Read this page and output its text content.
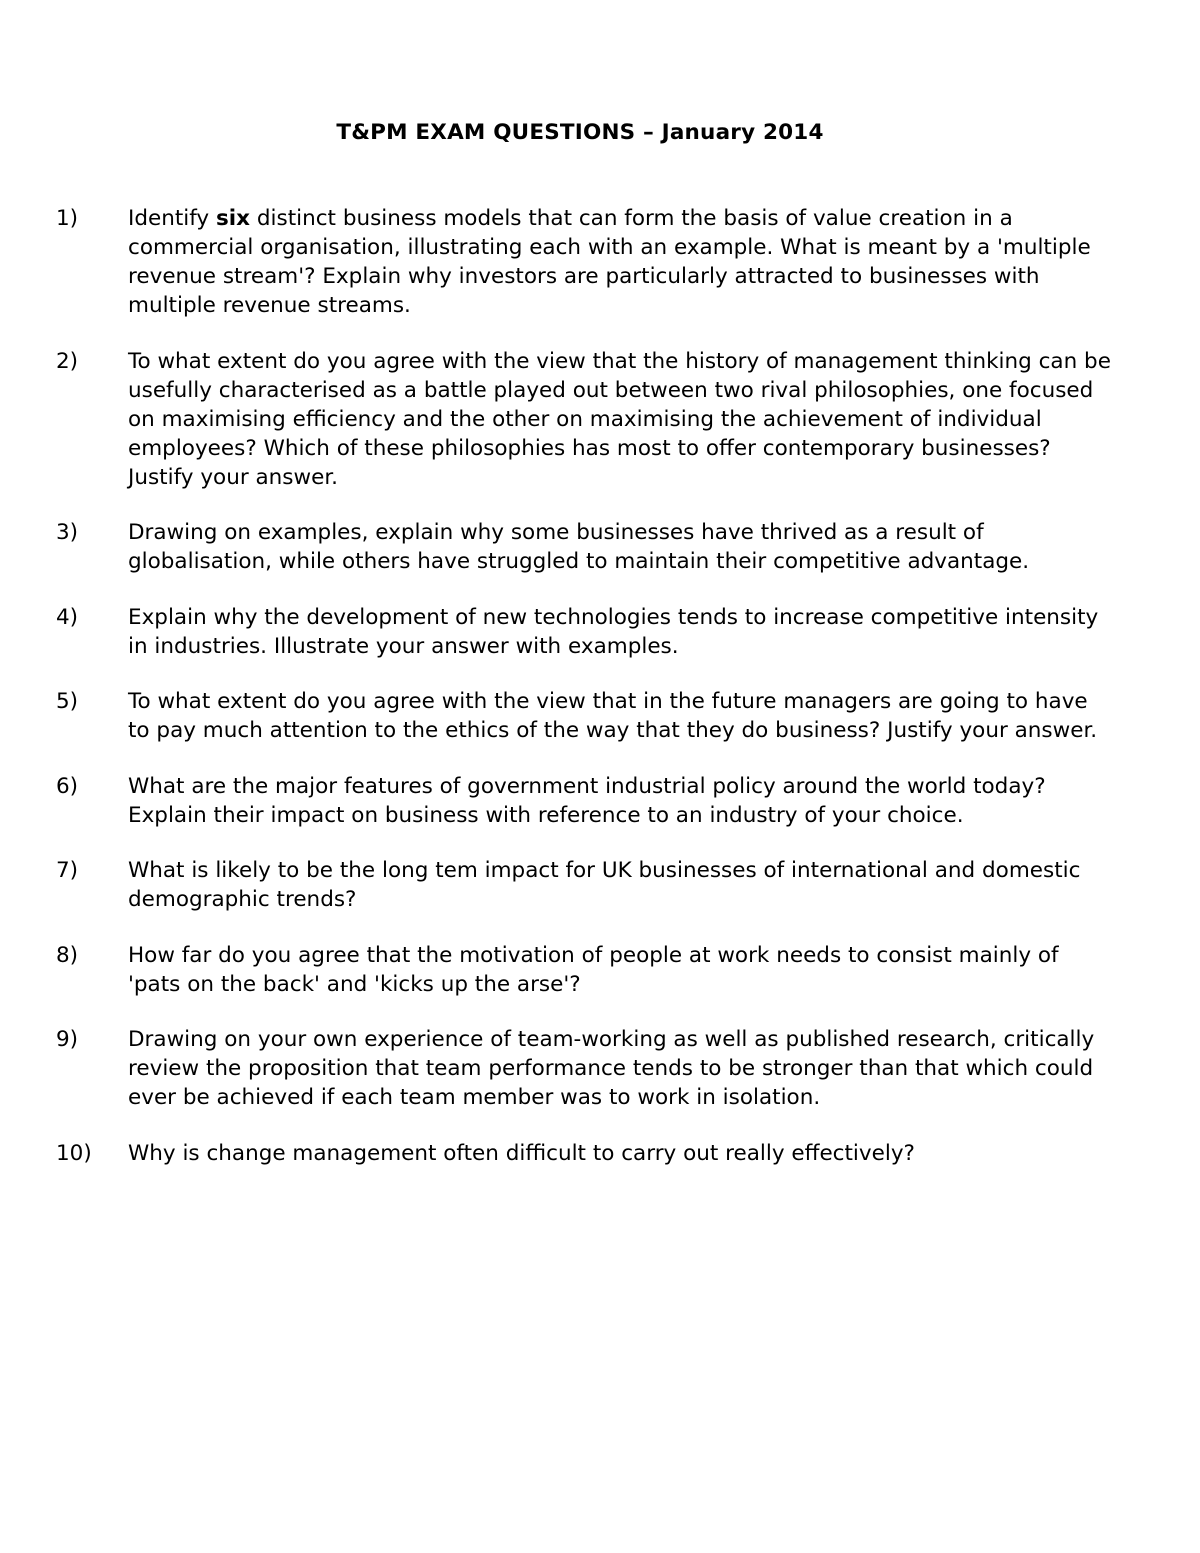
T&PM EXAM QUESTIONS – January 2014
1)	Identify six distinct business models that can form the basis of value creation in a commercial organisation, illustrating each with an example. What is meant by a 'multiple revenue stream'? Explain why investors are particularly attracted to businesses with multiple revenue streams.
2)	To what extent do you agree with the view that the history of management thinking can be usefully characterised as a battle played out between two rival philosophies, one focused on maximising efficiency and the other on maximising the achievement of individual employees? Which of these philosophies has most to offer contemporary businesses? Justify your answer.
3)	Drawing on examples, explain why some businesses have thrived as a result of globalisation, while others have struggled to maintain their competitive advantage.
4)	Explain why the development of new technologies tends to increase competitive intensity in industries. Illustrate your answer with examples.
5)	To what extent do you agree with the view that in the future managers are going to have to pay much attention to the ethics of the way that they do business? Justify your answer.
6)	What are the major features of government industrial policy around the world today? Explain their impact on business with reference to an industry of your choice.
7)	What is likely to be the long tem impact for UK businesses of international and domestic demographic trends?
8)	How far do you agree that the motivation of people at work needs to consist mainly of 'pats on the back' and 'kicks up the arse'?
9)	Drawing on your own experience of team-working as well as published research, critically review the proposition that team performance tends to be stronger than that which could ever be achieved if each team member was to work in isolation.
10)	Why is change management often difficult to carry out really effectively?
